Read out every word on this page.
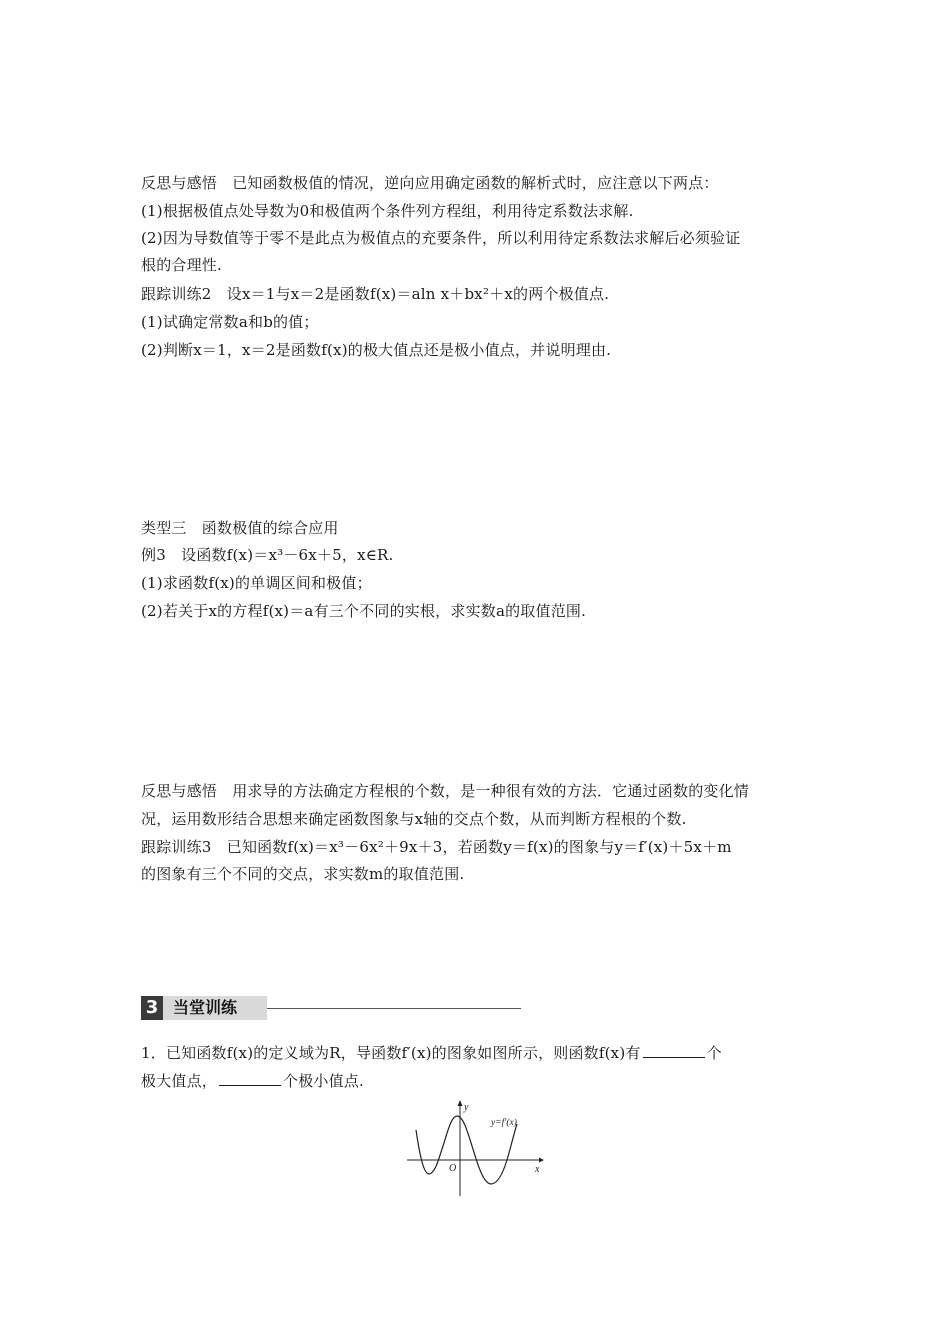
反思与感悟　已知函数极值的情况，逆向应用确定函数的解析式时，应注意以下两点：
(1)根据极值点处导数为0和极值两个条件列方程组，利用待定系数法求解.
(2)因为导数值等于零不是此点为极值点的充要条件，所以利用待定系数法求解后必须验证
根的合理性.
跟踪训练2　设x＝1与x＝2是函数f(x)＝aln x＋bx²＋x的两个极值点.
(1)试确定常数a和b的值；
(2)判断x＝1，x＝2是函数f(x)的极大值点还是极小值点，并说明理由.
类型三　函数极值的综合应用
例3　设函数f(x)＝x³－6x＋5，x∈R.
(1)求函数f(x)的单调区间和极值；
(2)若关于x的方程f(x)＝a有三个不同的实根，求实数a的取值范围.
反思与感悟　用求导的方法确定方程根的个数，是一种很有效的方法．它通过函数的变化情
况，运用数形结合思想来确定函数图象与x轴的交点个数，从而判断方程根的个数.
跟踪训练3　已知函数f(x)＝x³－6x²＋9x＋3，若函数y＝f(x)的图象与y＝f′(x)＋5x＋m
的图象有三个不同的交点，求实数m的取值范围.
3 当堂训练
1．已知函数f(x)的定义域为R，导函数f′(x)的图象如图所示，则函数f(x)有	个
极大值点，	个极小值点.
y
x
O
y=f′(x)
